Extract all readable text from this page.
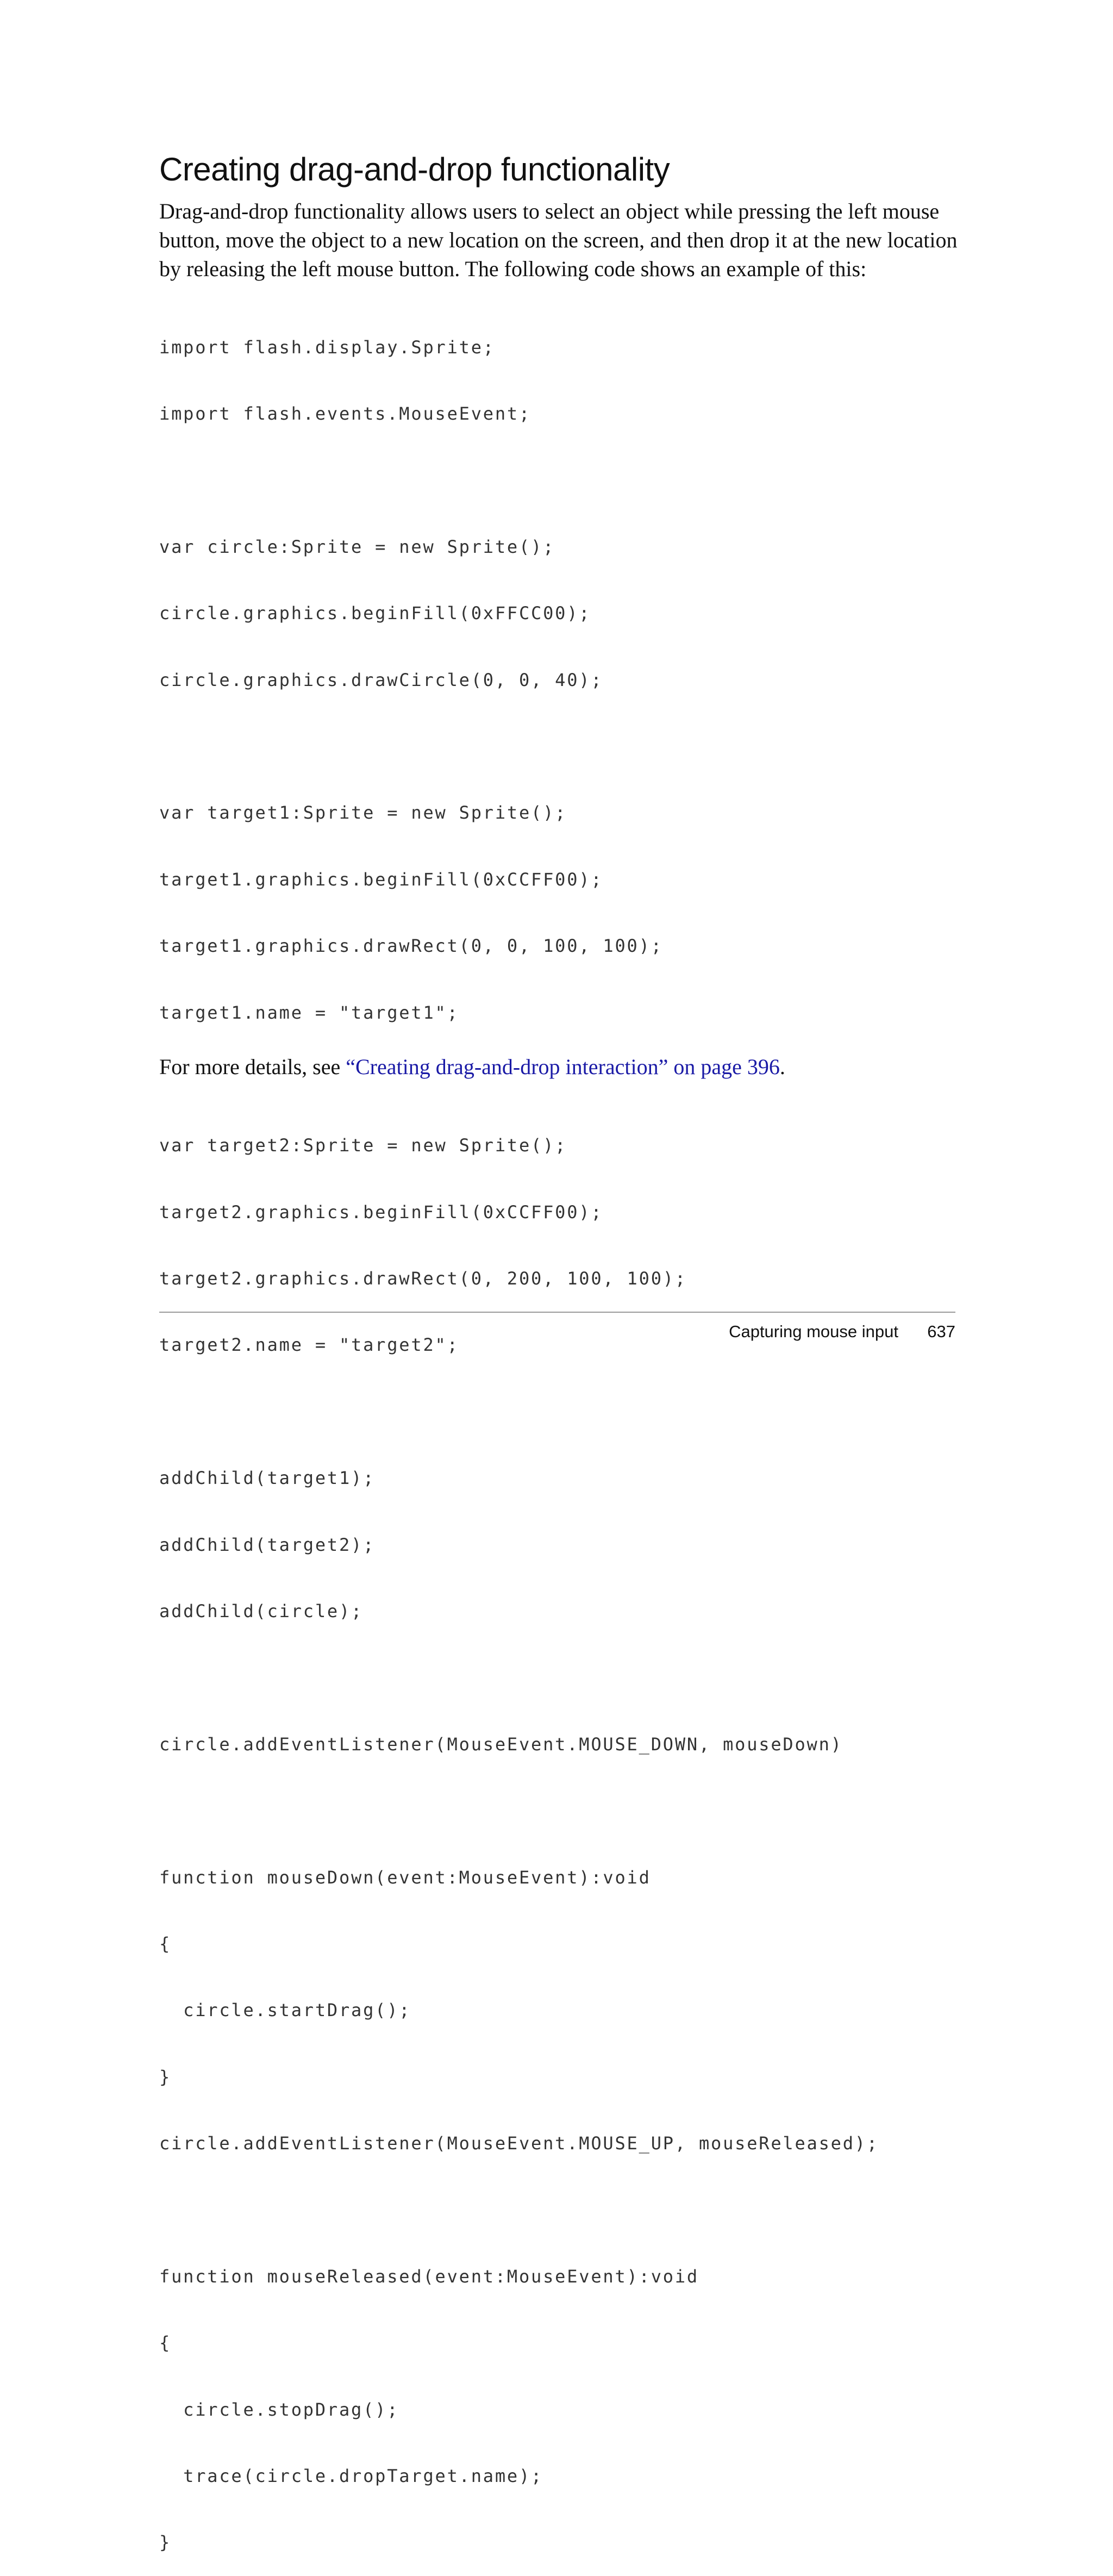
Creating drag-and-drop functionality

Drag-and-drop functionality allows users to select an object while pressing the left mouse button, move the object to a new location on the screen, and then drop it at the new location by releasing the left mouse button. The following code shows an example of this:

import flash.display.Sprite;

import flash.events.MouseEvent;

var circle:Sprite = new Sprite();

circle.graphics.beginFill(0xFFCC00);

circle.graphics.drawCircle(0, 0, 40);

var target1:Sprite = new Sprite();

target1.graphics.beginFill(0xCCFF00);

target1.graphics.drawRect(0, 0, 100, 100);

target1.name = "target1";

var target2:Sprite = new Sprite();

target2.graphics.beginFill(0xCCFF00);

target2.graphics.drawRect(0, 200, 100, 100);

target2.name = "target2";

addChild(target1);

addChild(target2);

addChild(circle);

circle.addEventListener(MouseEvent.MOUSE_DOWN, mouseDown)

function mouseDown(event:MouseEvent):void

{

circle.startDrag();

}

circle.addEventListener(MouseEvent.MOUSE_UP, mouseReleased);

function mouseReleased(event:MouseEvent):void

{

circle.stopDrag();

trace(circle.dropTarget.name);

}

For more details, see “Creating drag-and-drop interaction” on page 396.

Capturing mouse input 637
